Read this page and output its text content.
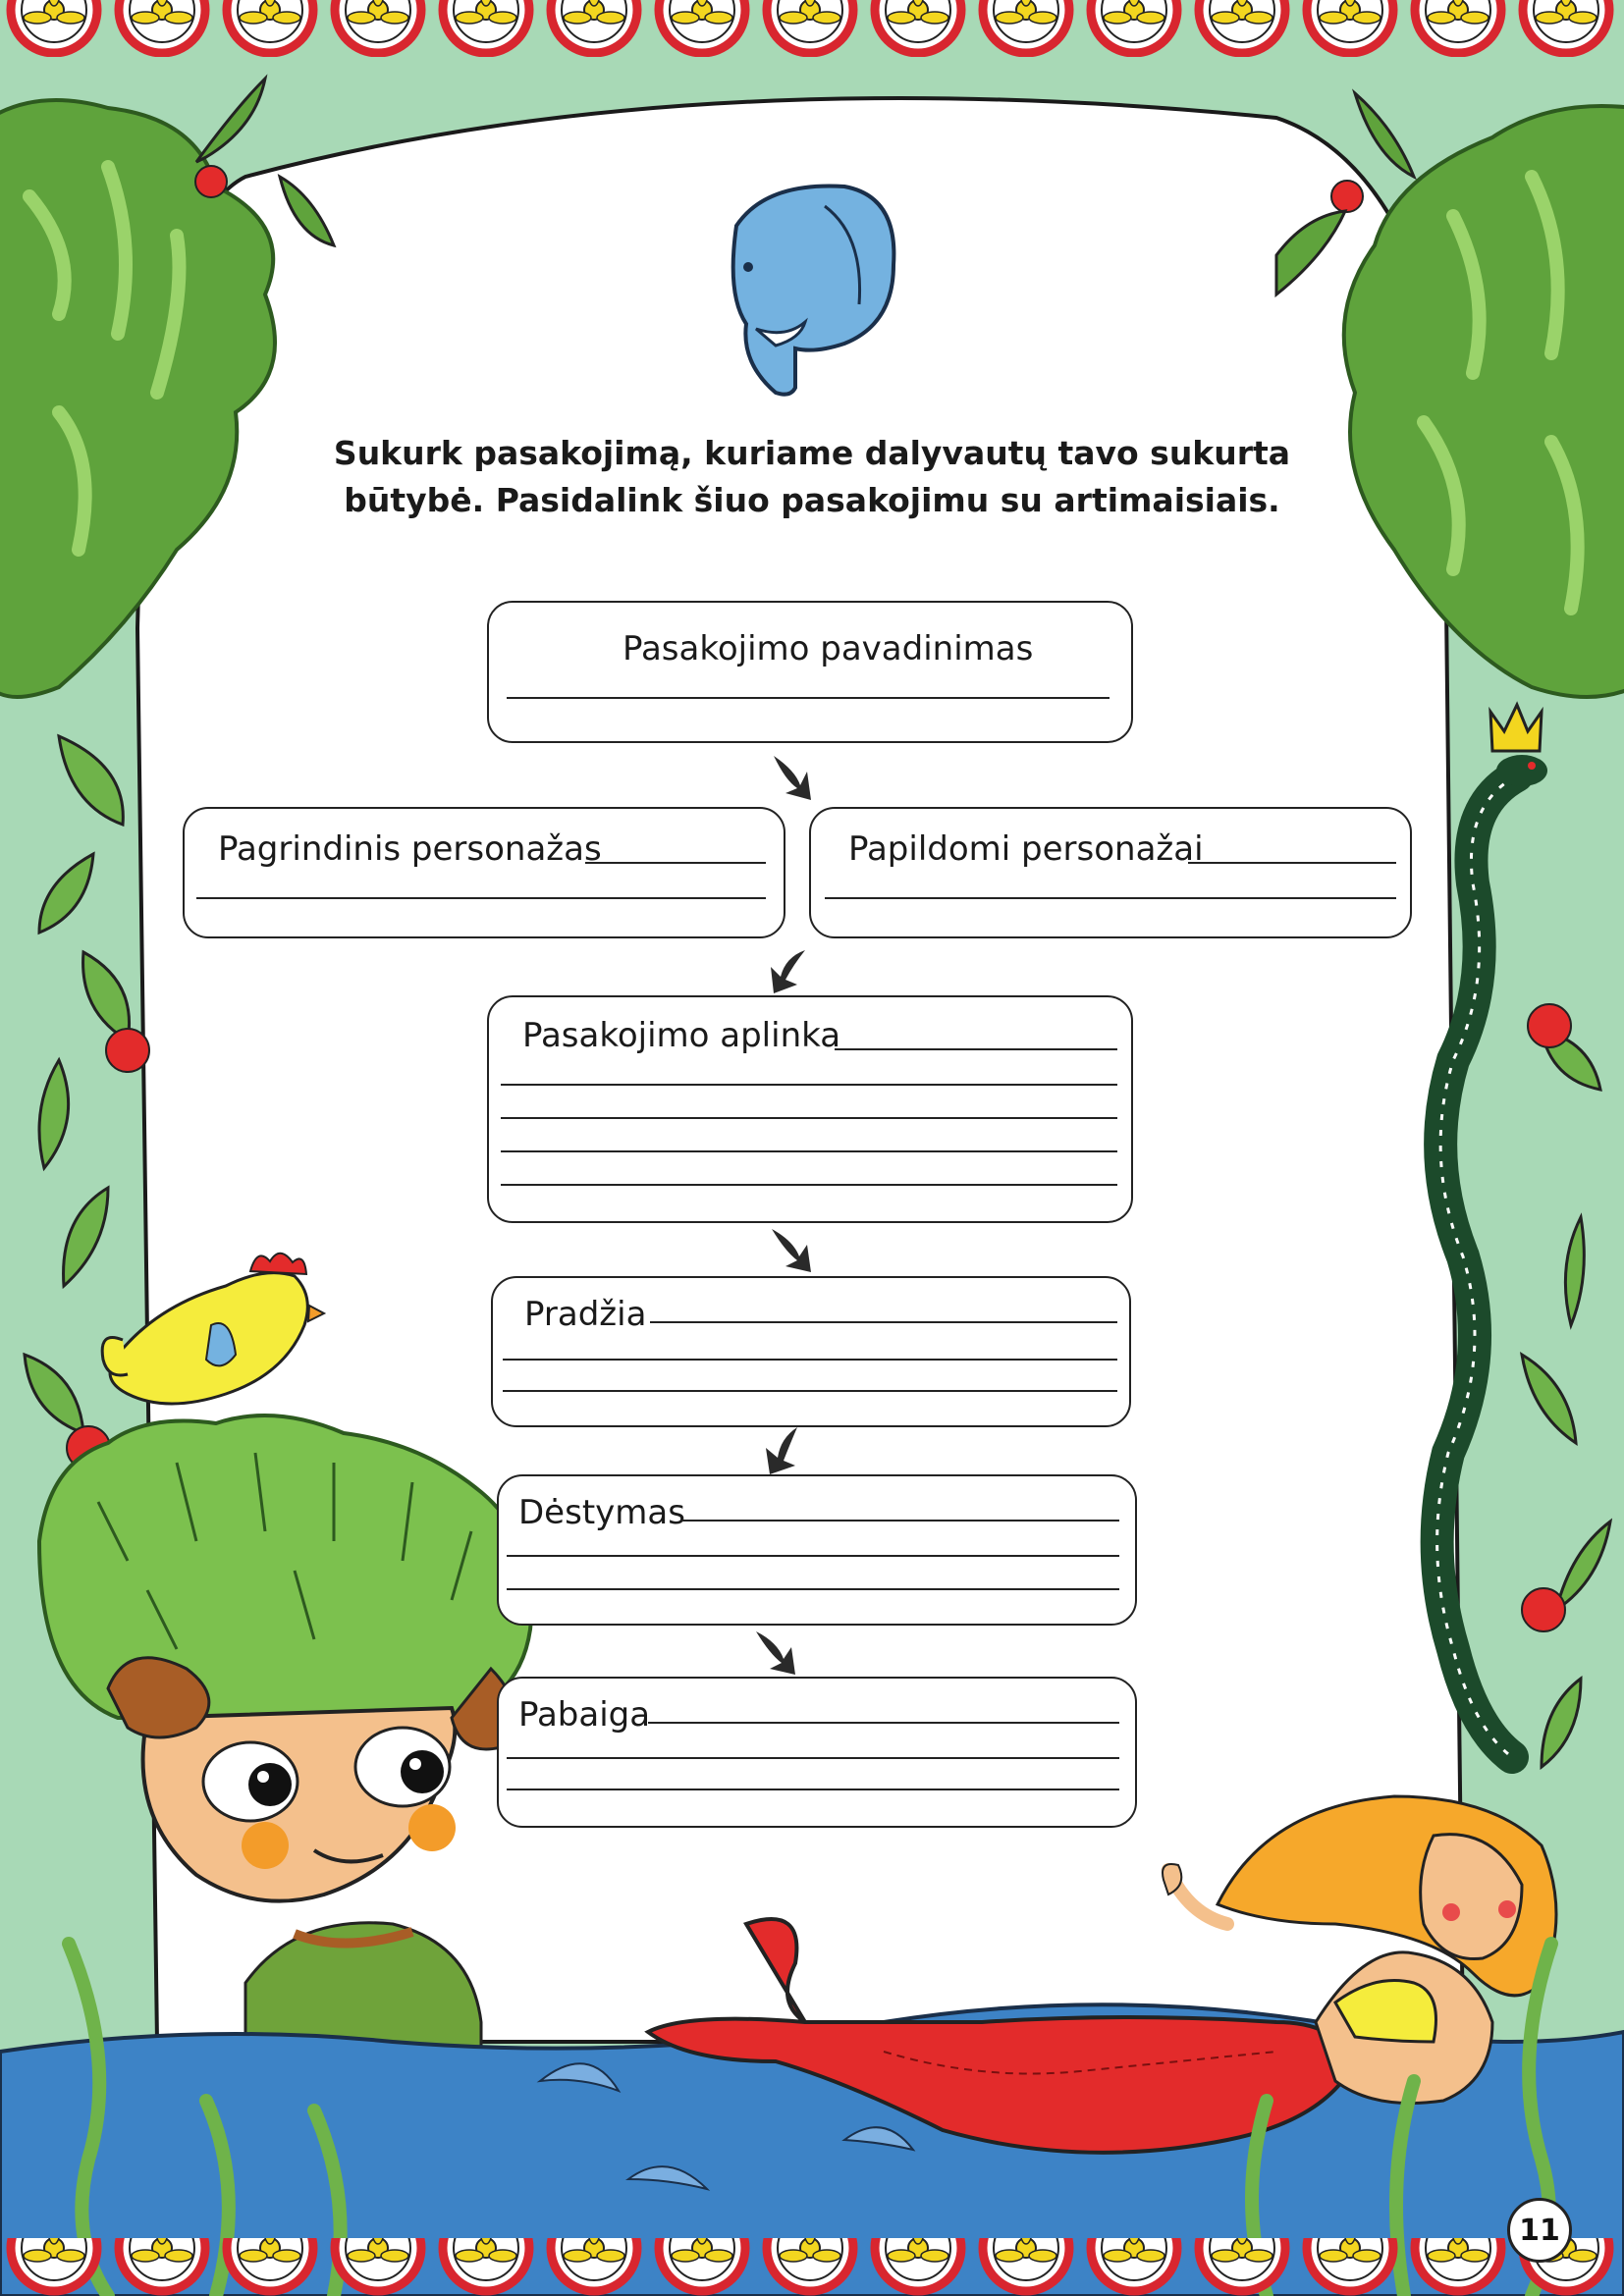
Sukurk pasakojimą, kuriame dalyvautų tavo sukurta
būtybė. Pasidalink šiuo pasakojimu su artimaisiais.
Pasakojimo pavadinimas
Pagrindinis personažas	Papildomi personažai
Pasakojimo aplinka
Pradžia
Dėstymas
Pabaiga
11
